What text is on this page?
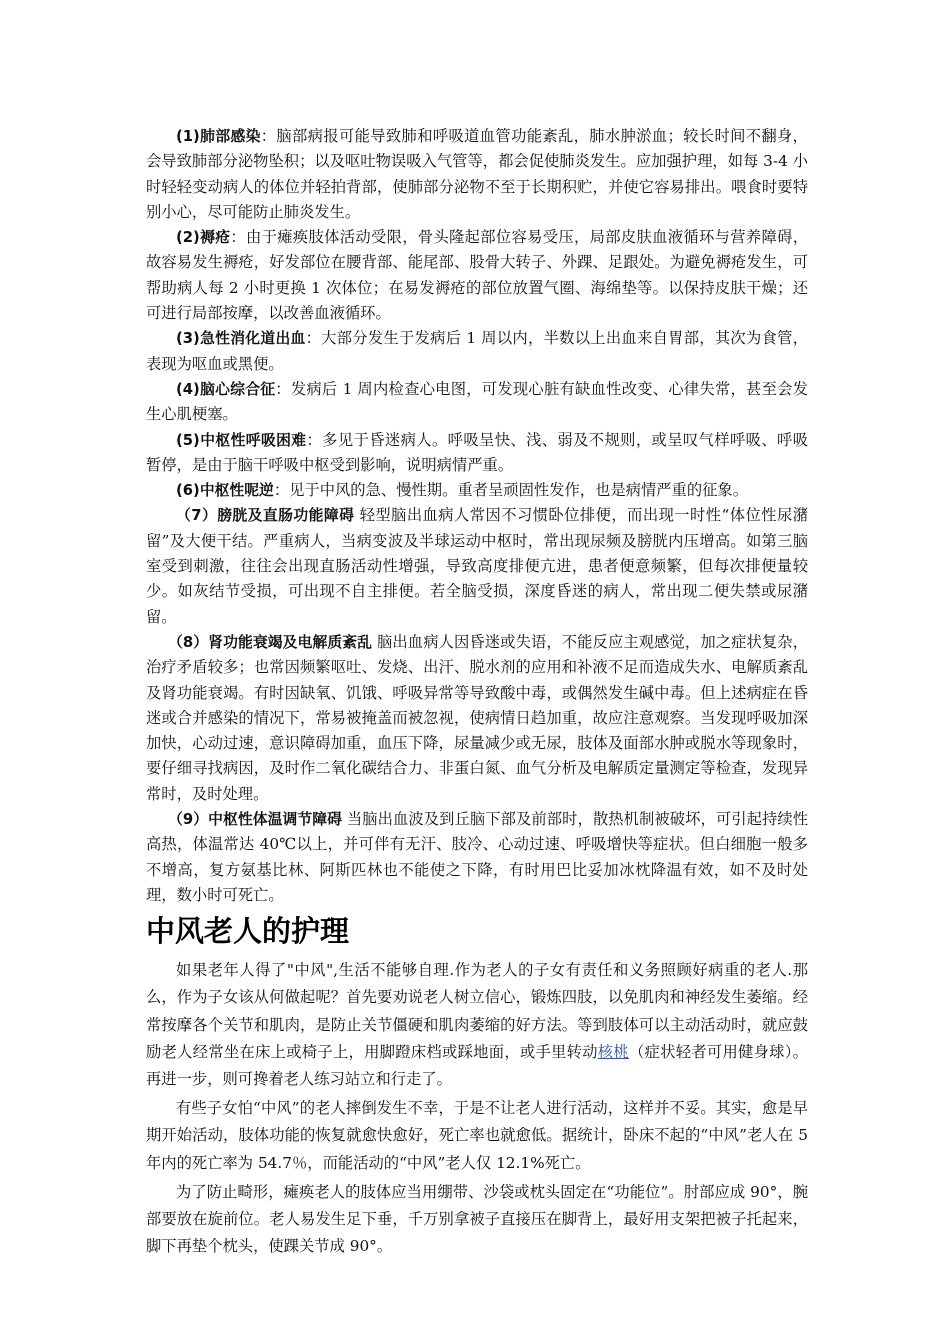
(1)肺部感染：脑部病报可能导致肺和呼吸道血管功能紊乱，肺水肿淤血；较长时间不翻身，会导致肺部分泌物坠积；以及呕吐物误吸入气管等，都会促使肺炎发生。应加强护理，如每 3-4 小时轻轻变动病人的体位并轻拍背部，使肺部分泌物不至于长期积贮，并使它容易排出。喂食时要特别小心，尽可能防止肺炎发生。

(2)褥疮：由于瘫痪肢体活动受限，骨头隆起部位容易受压，局部皮肤血液循环与营养障碍，故容易发生褥疮，好发部位在腰背部、能尾部、股骨大转子、外踝、足跟处。为避免褥疮发生，可帮助病人每 2 小时更换 1 次体位；在易发褥疮的部位放置气圈、海绵垫等。以保持皮肤干燥；还可进行局部按摩，以改善血液循环。

(3)急性消化道出血：大部分发生于发病后 1 周以内，半数以上出血来自胃部，其次为食管，表现为呕血或黑便。

(4)脑心综合征：发病后 1 周内检查心电图，可发现心脏有缺血性改变、心律失常，甚至会发生心肌梗塞。

(5)中枢性呼吸困难：多见于昏迷病人。呼吸呈快、浅、弱及不规则，或呈叹气样呼吸、呼吸暂停，是由于脑干呼吸中枢受到影响，说明病情严重。

(6)中枢性呢逆：见于中风的急、慢性期。重者呈顽固性发作，也是病情严重的征象。

（7）膀胱及直肠功能障碍 轻型脑出血病人常因不习惯卧位排便，而出现一时性“体位性尿潴留”及大便干结。严重病人，当病变波及半球运动中枢时，常出现尿频及膀胱内压增高。如第三脑室受到刺激，往往会出现直肠活动性增强，导致高度排便亢进，患者便意频繁，但每次排便量较少。如灰结节受损，可出现不自主排便。若全脑受损，深度昏迷的病人，常出现二便失禁或尿潴留。

（8）肾功能衰竭及电解质紊乱 脑出血病人因昏迷或失语，不能反应主观感觉，加之症状复杂，治疗矛盾较多；也常因频繁呕吐、发烧、出汗、脱水剂的应用和补液不足而造成失水、电解质紊乱及肾功能衰竭。有时因缺氧、饥饿、呼吸异常等导致酸中毒，或偶然发生碱中毒。但上述病症在昏迷或合并感染的情况下，常易被掩盖而被忽视，使病情日趋加重，故应注意观察。当发现呼吸加深加快，心动过速，意识障碍加重，血压下降，尿量减少或无尿，肢体及面部水肿或脱水等现象时，要仔细寻找病因，及时作二氧化碳结合力、非蛋白氮、血气分析及电解质定量测定等检查，发现异常时，及时处理。

（9）中枢性体温调节障碍 当脑出血波及到丘脑下部及前部时，散热机制被破坏，可引起持续性高热，体温常达 40℃以上，并可伴有无汗、肢冷、心动过速、呼吸增快等症状。但白细胞一般多不增高，复方氨基比林、阿斯匹林也不能使之下降，有时用巴比妥加冰枕降温有效，如不及时处理，数小时可死亡。

中风老人的护理

如果老年人得了"中风",生活不能够自理.作为老人的子女有责任和义务照顾好病重的老人.那么，作为子女该从何做起呢？首先要劝说老人树立信心，锻炼四肢，以免肌肉和神经发生萎缩。经常按摩各个关节和肌肉，是防止关节僵硬和肌肉萎缩的好方法。等到肢体可以主动活动时，就应鼓励老人经常坐在床上或椅子上，用脚蹬床档或踩地面，或手里转动核桃（症状轻者可用健身球）。再进一步，则可搀着老人练习站立和行走了。

有些子女怕“中风”的老人摔倒发生不幸，于是不让老人进行活动，这样并不妥。其实，愈是早期开始活动，肢体功能的恢复就愈快愈好，死亡率也就愈低。据统计，卧床不起的“中风”老人在 5 年内的死亡率为 54.7％，而能活动的“中风”老人仅 12.1%死亡。

为了防止畸形，瘫痪老人的肢体应当用绷带、沙袋或枕头固定在“功能位”。肘部应成 90°，腕部要放在旋前位。老人易发生足下垂，千万别拿被子直接压在脚背上，最好用支架把被子托起来，脚下再垫个枕头，使踝关节成 90°。
